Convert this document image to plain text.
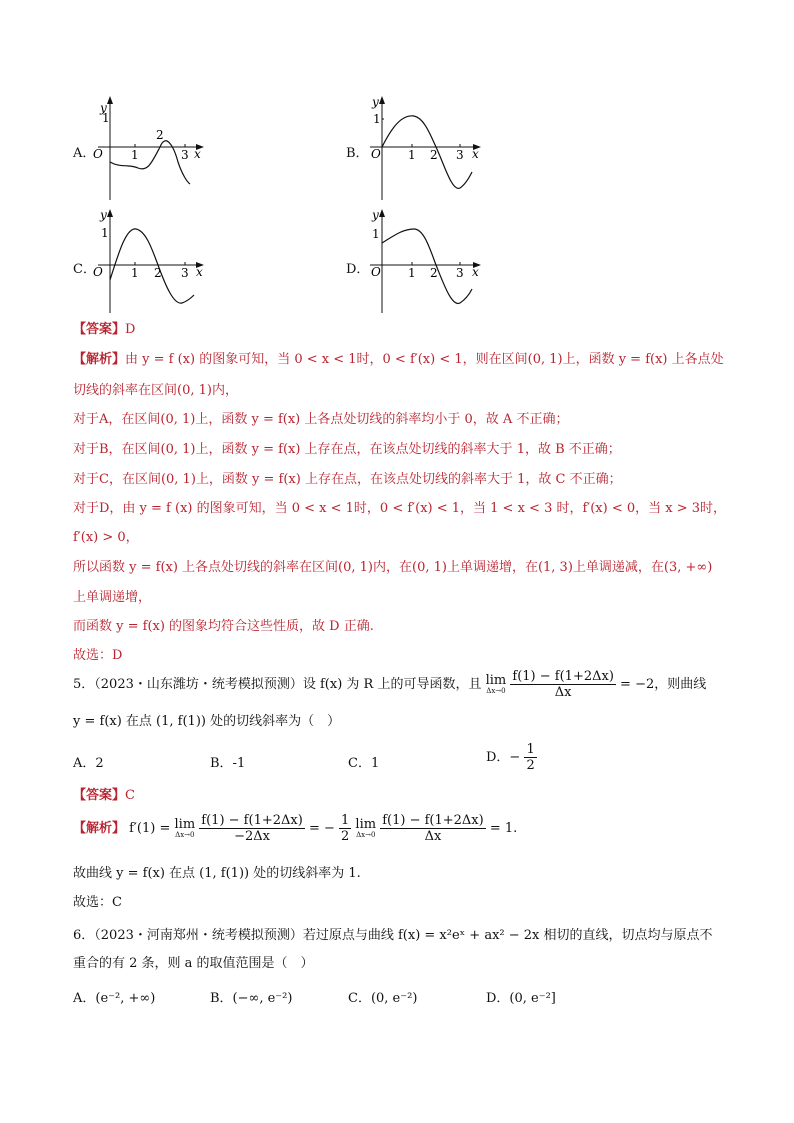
A．
y
1
O 1
2
3 x	B．
y
1
O 1 2 3 x
C．
y
1
O 1 2 3 x	D．
y
1
O 1 2 3 x
【答案】D
【解析】由 y = f (x) 的图象可知，当 0 < x < 1时，0 < f′(x) < 1，则在区间(0, 1)上，函数 y = f(x) 上各点处
切线的斜率在区间(0, 1)内，
对于A，在区间(0, 1)上，函数 y = f(x) 上各点处切线的斜率均小于 0，故 A 不正确；
对于B，在区间(0, 1)上，函数 y = f(x) 上存在点，在该点处切线的斜率大于 1，故 B 不正确；
对于C，在区间(0, 1)上，函数 y = f(x) 上存在点，在该点处切线的斜率大于 1，故 C 不正确；
对于D，由 y = f (x) 的图象可知，当 0 < x < 1时，0 < f′(x) < 1，当 1 < x < 3 时，f′(x) < 0，当 x > 3时，
f′(x) > 0，
所以函数 y = f(x) 上各点处切线的斜率在区间(0, 1)内，在(0, 1)上单调递增，在(1, 3)上单调递减，在(3, +∞)
上单调递增，
而函数 y = f(x) 的图象均符合这些性质，故 D 正确.
故选：D
5．（2023・山东潍坊・统考模拟预测）设 f(x) 为 R 上的可导函数，且 lim
Δx→0
$\frac{f(1) - f(1+2\Delta x)}{\Delta x} = -2$，则曲线
y = f(x) 在点 (1, f(1)) 处的切线斜率为（　）
A．2	B．-1	C．1	D．− $\frac{1}{2}$
【答案】C
【解析】 f′(1) = lim
Δx→0
$\frac{f(1) - f(1+2\Delta x)}{-2\Delta x}$ = − $\frac{1}{2}$ lim
Δx→0
$\frac{f(1) - f(1+2\Delta x)}{\Delta x} = 1$.
故曲线 y = f(x) 在点 (1, f(1)) 处的切线斜率为 1.
故选：C
6．（2023・河南郑州・统考模拟预测）若过原点与曲线 f(x) = x²eˣ + ax² − 2x 相切的直线，切点均与原点不
重合的有 2 条，则 a 的取值范围是（　）
A．(e⁻², +∞)	B．(−∞, e⁻²)	C．(0, e⁻²)	D．(0, e⁻²]
